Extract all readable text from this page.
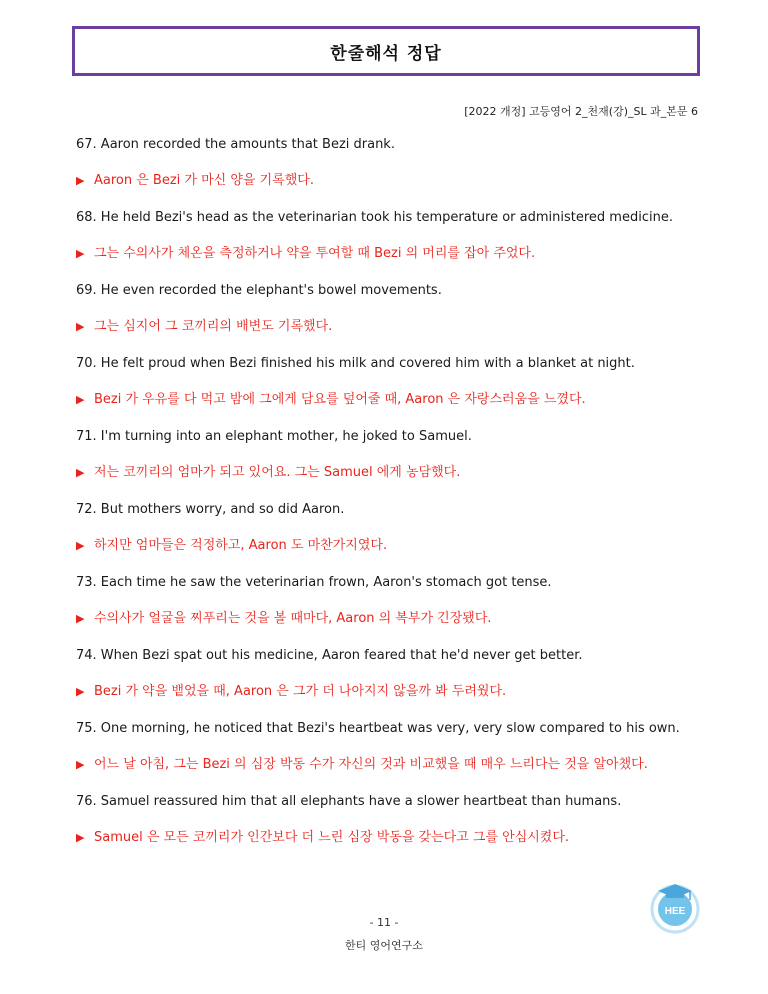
한줄해석 정답
[2022 개정] 고등영어 2_천재(강)_SL 과_본문 6
67. Aaron recorded the amounts that Bezi drank.
▶ Aaron 은 Bezi 가 마신 양을 기록했다.
68. He held Bezi's head as the veterinarian took his temperature or administered medicine.
▶ 그는 수의사가 체온을 측정하거나 약을 투여할 때 Bezi 의 머리를 잡아 주었다.
69. He even recorded the elephant's bowel movements.
▶ 그는 심지어 그 코끼리의 배변도 기록했다.
70. He felt proud when Bezi finished his milk and covered him with a blanket at night.
▶ Bezi 가 우유를 다 먹고 밤에 그에게 담요를 덮어줄 때, Aaron 은 자랑스러움을 느꼈다.
71. I'm turning into an elephant mother, he joked to Samuel.
▶ 저는 코끼리의 엄마가 되고 있어요. 그는 Samuel 에게 농담했다.
72. But mothers worry, and so did Aaron.
▶ 하지만 엄마들은 걱정하고, Aaron 도 마찬가지였다.
73. Each time he saw the veterinarian frown, Aaron's stomach got tense.
▶ 수의사가 얼굴을 찌푸리는 것을 볼 때마다, Aaron 의 복부가 긴장됐다.
74. When Bezi spat out his medicine, Aaron feared that he'd never get better.
▶ Bezi 가 약을 뱉었을 때, Aaron 은 그가 더 나아지지 않을까 봐 두려웠다.
75. One morning, he noticed that Bezi's heartbeat was very, very slow compared to his own.
▶ 어느 날 아침, 그는 Bezi 의 심장 박동 수가 자신의 것과 비교했을 때 매우 느리다는 것을 알아챘다.
76. Samuel reassured him that all elephants have a slower heartbeat than humans.
▶ Samuel 은 모든 코끼리가 인간보다 더 느린 심장 박동을 갖는다고 그를 안심시켰다.
- 11 -
한티 영어연구소
HEE
